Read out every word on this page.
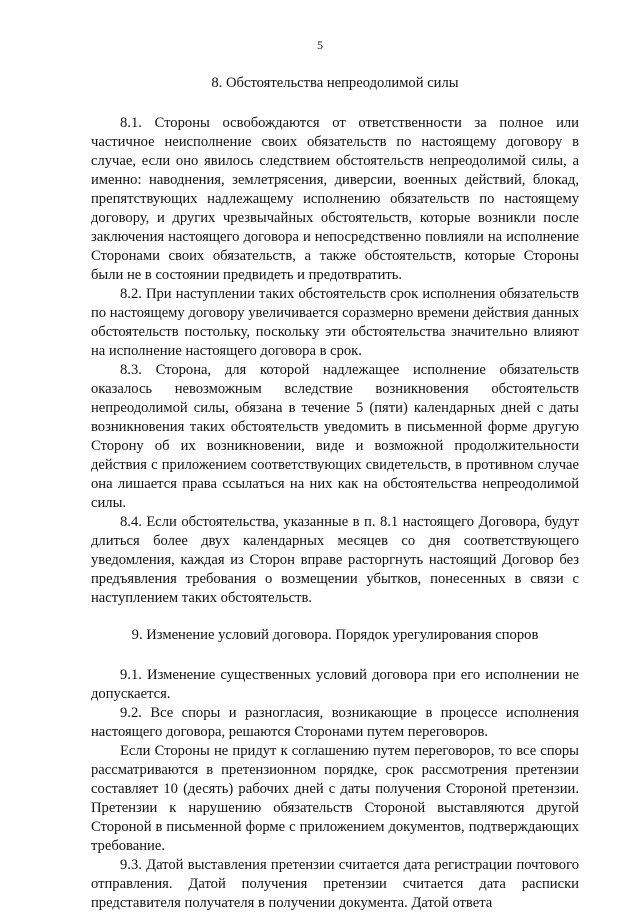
5
8. Обстоятельства непреодолимой силы

8.1. Стороны освобождаются от ответственности за полное или частичное неисполнение своих обязательств по настоящему договору в случае, если оно явилось следствием обстоятельств непреодолимой силы, а именно: наводнения, землетрясения, диверсии, военных действий, блокад, препятствующих надлежащему исполнению обязательств по настоящему договору, и других чрезвычайных обстоятельств, которые возникли после заключения настоящего договора и непосредственно повлияли на исполнение Сторонами своих обязательств, а также обстоятельств, которые Стороны были не в состоянии предвидеть и предотвратить.

8.2. При наступлении таких обстоятельств срок исполнения обязательств по настоящему договору увеличивается соразмерно времени действия данных обстоятельств постольку, поскольку эти обстоятельства значительно влияют на исполнение настоящего договора в срок.

8.3. Сторона, для которой надлежащее исполнение обязательств оказалось невозможным вследствие возникновения обстоятельств непреодолимой силы, обязана в течение 5 (пяти) календарных дней с даты возникновения таких обстоятельств уведомить в письменной форме другую Сторону об их возникновении, виде и возможной продолжительности действия с приложением соответствующих свидетельств, в противном случае она лишается права ссылаться на них как на обстоятельства непреодолимой силы.

8.4. Если обстоятельства, указанные в п. 8.1 настоящего Договора, будут длиться более двух календарных месяцев со дня соответствующего уведомления, каждая из Сторон вправе расторгнуть настоящий Договор без предъявления требования о возмещении убытков, понесенных в связи с наступлением таких обстоятельств.

9. Изменение условий договора. Порядок урегулирования споров

9.1. Изменение существенных условий договора при его исполнении не допускается.

9.2. Все споры и разногласия, возникающие в процессе исполнения настоящего договора, решаются Сторонами путем переговоров.

Если Стороны не придут к соглашению путем переговоров, то все споры рассматриваются в претензионном порядке, срок рассмотрения претензии составляет 10 (десять) рабочих дней с даты получения Стороной претензии. Претензии к нарушению обязательств Стороной выставляются другой Стороной в письменной форме с приложением документов, подтверждающих требование.

9.3. Датой выставления претензии считается дата регистрации почтового отправления. Датой получения претензии считается дата расписки представителя получателя в получении документа. Датой ответа
